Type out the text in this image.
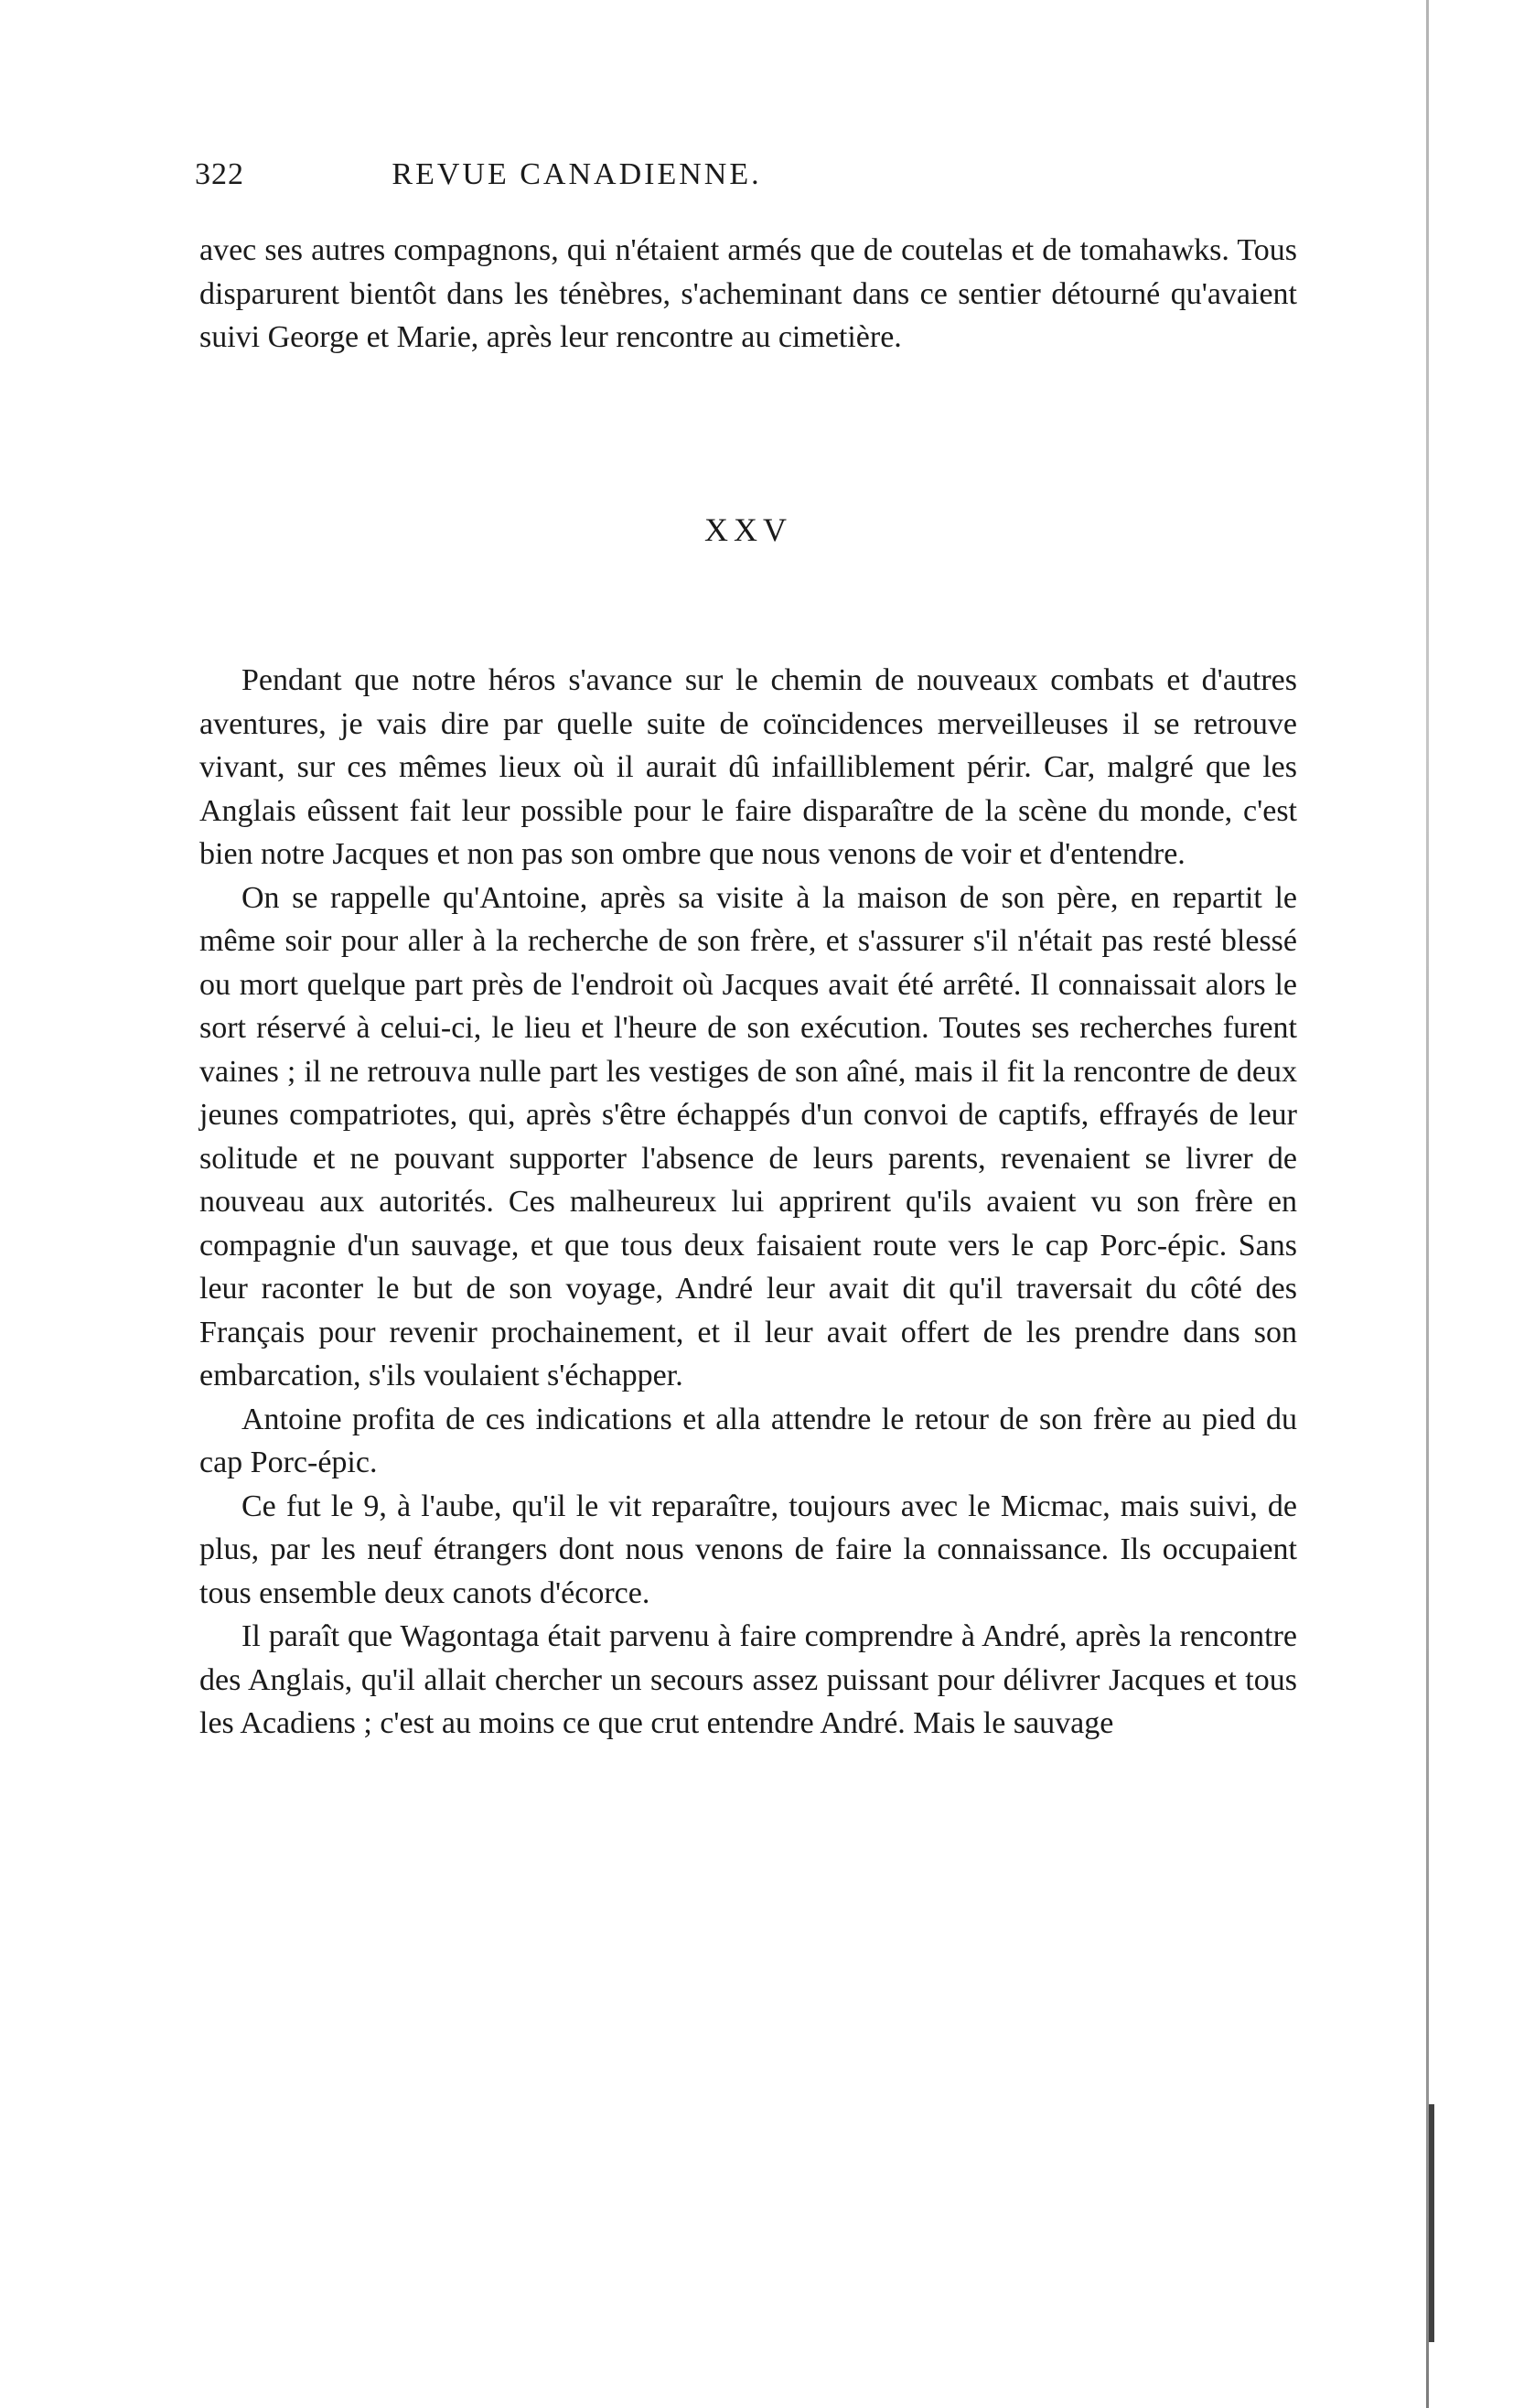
322	REVUE CANADIENNE.

avec ses autres compagnons, qui n'étaient armés que de coutelas et de tomahawks. Tous disparurent bientôt dans les ténèbres, s'acheminant dans ce sentier détourné qu'avaient suivi George et Marie, après leur rencontre au cimetière.

XXV

Pendant que notre héros s'avance sur le chemin de nouveaux combats et d'autres aventures, je vais dire par quelle suite de coïncidences merveilleuses il se retrouve vivant, sur ces mêmes lieux où il aurait dû infailliblement périr. Car, malgré que les Anglais eûssent fait leur possible pour le faire disparaître de la scène du monde, c'est bien notre Jacques et non pas son ombre que nous venons de voir et d'entendre.

On se rappelle qu'Antoine, après sa visite à la maison de son père, en repartit le même soir pour aller à la recherche de son frère, et s'assurer s'il n'était pas resté blessé ou mort quelque part près de l'endroit où Jacques avait été arrêté. Il connaissait alors le sort réservé à celui-ci, le lieu et l'heure de son exécution. Toutes ses recherches furent vaines ; il ne retrouva nulle part les vestiges de son aîné, mais il fit la rencontre de deux jeunes compatriotes, qui, après s'être échappés d'un convoi de captifs, effrayés de leur solitude et ne pouvant supporter l'absence de leurs parents, revenaient se livrer de nouveau aux autorités. Ces malheureux lui apprirent qu'ils avaient vu son frère en compagnie d'un sauvage, et que tous deux faisaient route vers le cap Porc-épic. Sans leur raconter le but de son voyage, André leur avait dit qu'il traversait du côté des Français pour revenir prochainement, et il leur avait offert de les prendre dans son embarcation, s'ils voulaient s'échapper.

Antoine profita de ces indications et alla attendre le retour de son frère au pied du cap Porc-épic.

Ce fut le 9, à l'aube, qu'il le vit reparaître, toujours avec le Micmac, mais suivi, de plus, par les neuf étrangers dont nous venons de faire la connaissance. Ils occupaient tous ensemble deux canots d'écorce.

Il paraît que Wagontaga était parvenu à faire comprendre à André, après la rencontre des Anglais, qu'il allait chercher un secours assez puissant pour délivrer Jacques et tous les Acadiens ; c'est au moins ce que crut entendre André. Mais le sauvage
